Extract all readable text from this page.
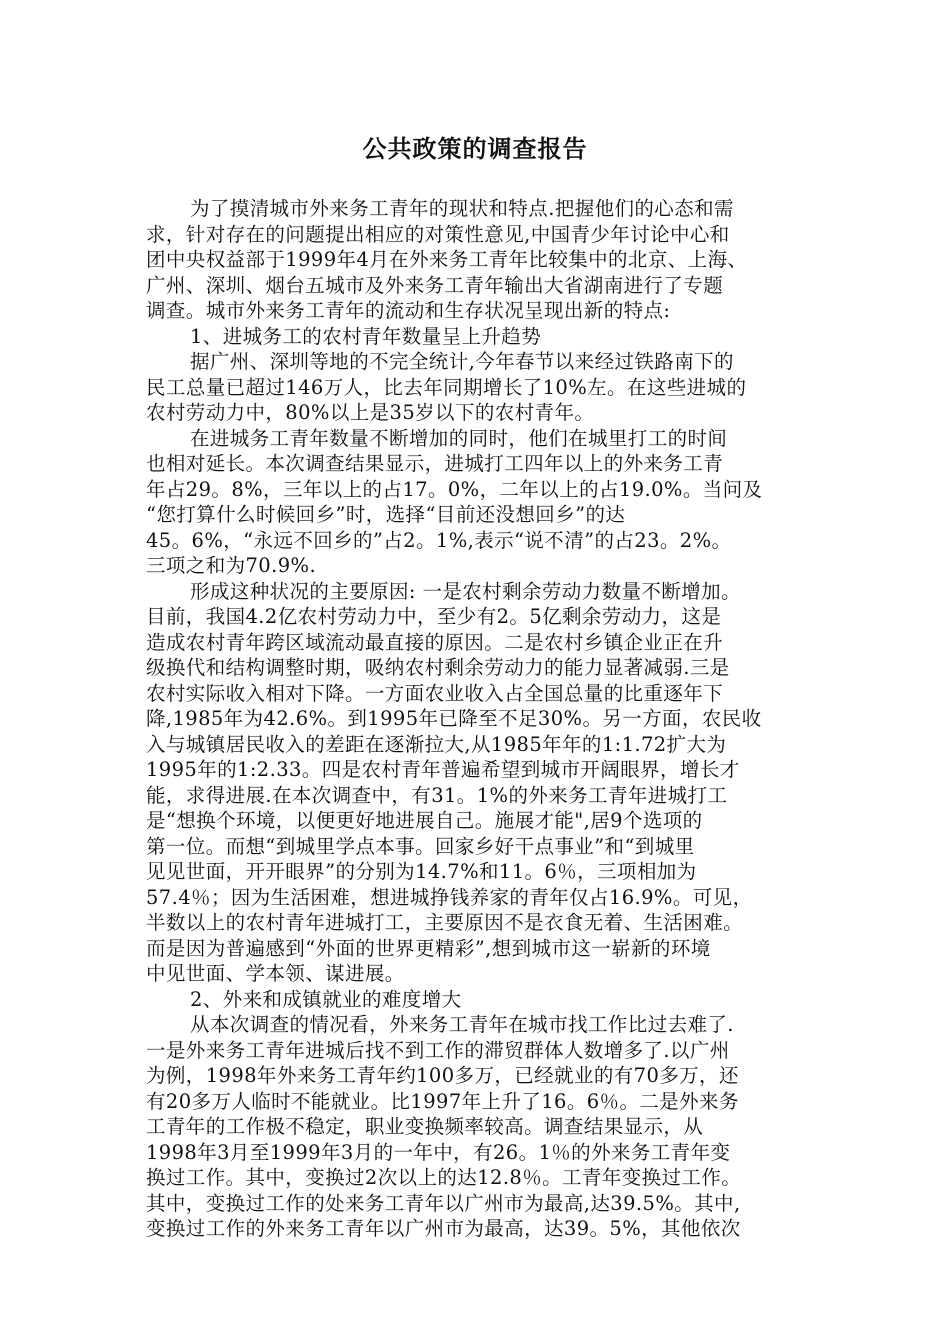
公共政策的调查报告
为了摸清城市外来务工青年的现状和特点.把握他们的心态和需
求，针对存在的问题提出相应的对策性意见,中国青少年讨论中心和
团中央权益部于1999年4月在外来务工青年比较集中的北京、上海、
广州、深圳、烟台五城市及外来务工青年输出大省湖南进行了专题
调查。城市外来务工青年的流动和生存状况呈现出新的特点:
1、进城务工的农村青年数量呈上升趋势
据广州、深圳等地的不完全统计,今年春节以来经过铁路南下的
民工总量已超过146万人，比去年同期增长了10%左。在这些进城的
农村劳动力中，80%以上是35岁以下的农村青年。
在进城务工青年数量不断增加的同时，他们在城里打工的时间
也相对延长。本次调查结果显示，进城打工四年以上的外来务工青
年占29。8%，三年以上的占17。0%，二年以上的占19.0%。当问及
“您打算什么时候回乡”时，选择“目前还没想回乡”的达
45。6%，“永远不回乡的”占2。1%,表示“说不清”的占23。2%。
三项之和为70.9%.
形成这种状况的主要原因: 一是农村剩余劳动力数量不断增加。
目前，我国4.2亿农村劳动力中，至少有2。5亿剩余劳动力，这是
造成农村青年跨区域流动最直接的原因。二是农村乡镇企业正在升
级换代和结构调整时期，吸纳农村剩余劳动力的能力显著减弱.三是
农村实际收入相对下降。一方面农业收入占全国总量的比重逐年下
降,1985年为42.6%。到1995年已降至不足30%。另一方面，农民收
入与城镇居民收入的差距在逐渐拉大,从1985年年的1:1.72扩大为
1995年的1:2.33。四是农村青年普遍希望到城市开阔眼界，增长才
能，求得进展.在本次调查中，有31。1%的外来务工青年进城打工
是“想换个环境，以便更好地进展自己。施展才能",居9个选项的
第一位。而想“到城里学点本事。回家乡好干点事业”和“到城里
见见世面，开开眼界”的分别为14.7%和11。6％，三项相加为
57.4％；因为生活困难，想进城挣钱养家的青年仅占16.9%。可见，
半数以上的农村青年进城打工，主要原因不是衣食无着、生活困难。
而是因为普遍感到“外面的世界更精彩”,想到城市这一崭新的环境
中见世面、学本领、谋进展。
2、外来和成镇就业的难度增大
从本次调查的情况看，外来务工青年在城市找工作比过去难了.
一是外来务工青年进城后找不到工作的滞贸群体人数增多了.以广州
为例，1998年外来务工青年约100多万，已经就业的有70多万，还
有20多万人临时不能就业。比1997年上升了16。6％。二是外来务
工青年的工作极不稳定，职业变换频率较高。调查结果显示，从
1998年3月至1999年3月的一年中，有26。1％的外来务工青年变
换过工作。其中，变换过2次以上的达12.8％。工青年变换过工作。
其中，变换过工作的处来务工青年以广州市为最高,达39.5%。其中,
变换过工作的外来务工青年以广州市为最高，达39。5%，其他依次
